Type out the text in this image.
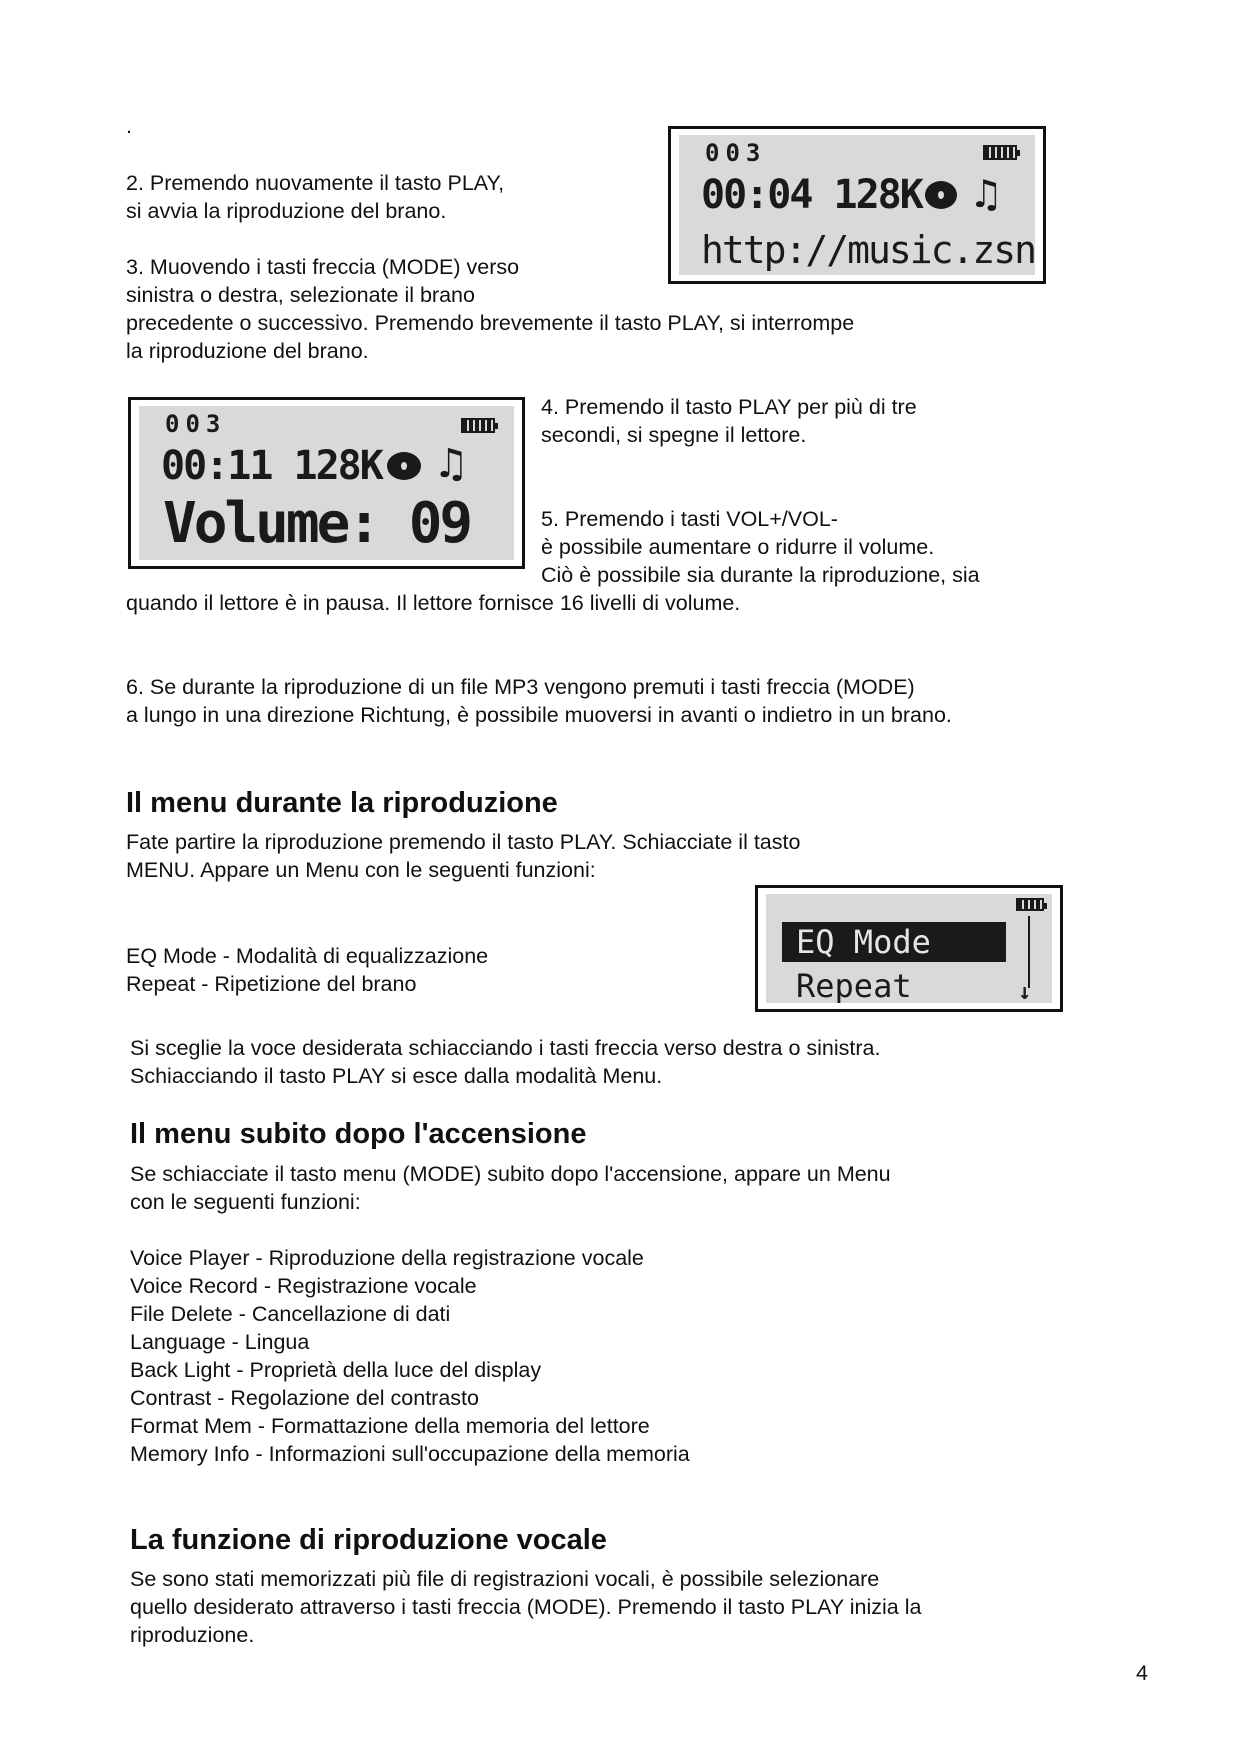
.

003
00:04 128K ♫
http://music.zsn

2. Premendo nuovamente il tasto PLAY,

si avvia la riproduzione del brano.

3. Muovendo i tasti freccia (MODE) verso

sinistra o destra, selezionate il brano

precedente o successivo. Premendo brevemente il tasto PLAY, si interrompe

la riproduzione del brano.

003
00:11 128K ♫
Volume: 09

4. Premendo il tasto PLAY per più di tre

secondi, si spegne il lettore.

5. Premendo i tasti VOL+/VOL-

è possibile aumentare o ridurre il volume.

Ciò è possibile sia durante la riproduzione, sia

quando il lettore è in pausa. Il lettore fornisce 16 livelli di volume.

6. Se durante la riproduzione di un file MP3 vengono premuti i tasti freccia (MODE)

a lungo in una direzione Richtung, è possibile muoversi in avanti o indietro in un brano.

Il menu durante la riproduzione

Fate partire la riproduzione premendo il tasto PLAY. Schiacciate il tasto

MENU. Appare un Menu con le seguenti funzioni:

EQ Mode
Repeat	↓

EQ Mode - Modalità di equalizzazione

Repeat - Ripetizione del brano

Si sceglie la voce desiderata schiacciando i tasti freccia verso destra o sinistra.

Schiacciando il tasto PLAY si esce dalla modalità Menu.

Il menu subito dopo l'accensione

Se schiacciate il tasto menu (MODE) subito dopo l'accensione, appare un Menu

con le seguenti funzioni:

Voice Player - Riproduzione della registrazione vocale

Voice Record - Registrazione vocale

File Delete - Cancellazione di dati

Language - Lingua

Back Light - Proprietà della luce del display

Contrast - Regolazione del contrasto

Format Mem - Formattazione della memoria del lettore

Memory Info - Informazioni sull'occupazione della memoria

La funzione di riproduzione vocale

Se sono stati memorizzati più file di registrazioni vocali, è possibile selezionare

quello desiderato attraverso i tasti freccia (MODE). Premendo il tasto PLAY inizia la

riproduzione.

4
